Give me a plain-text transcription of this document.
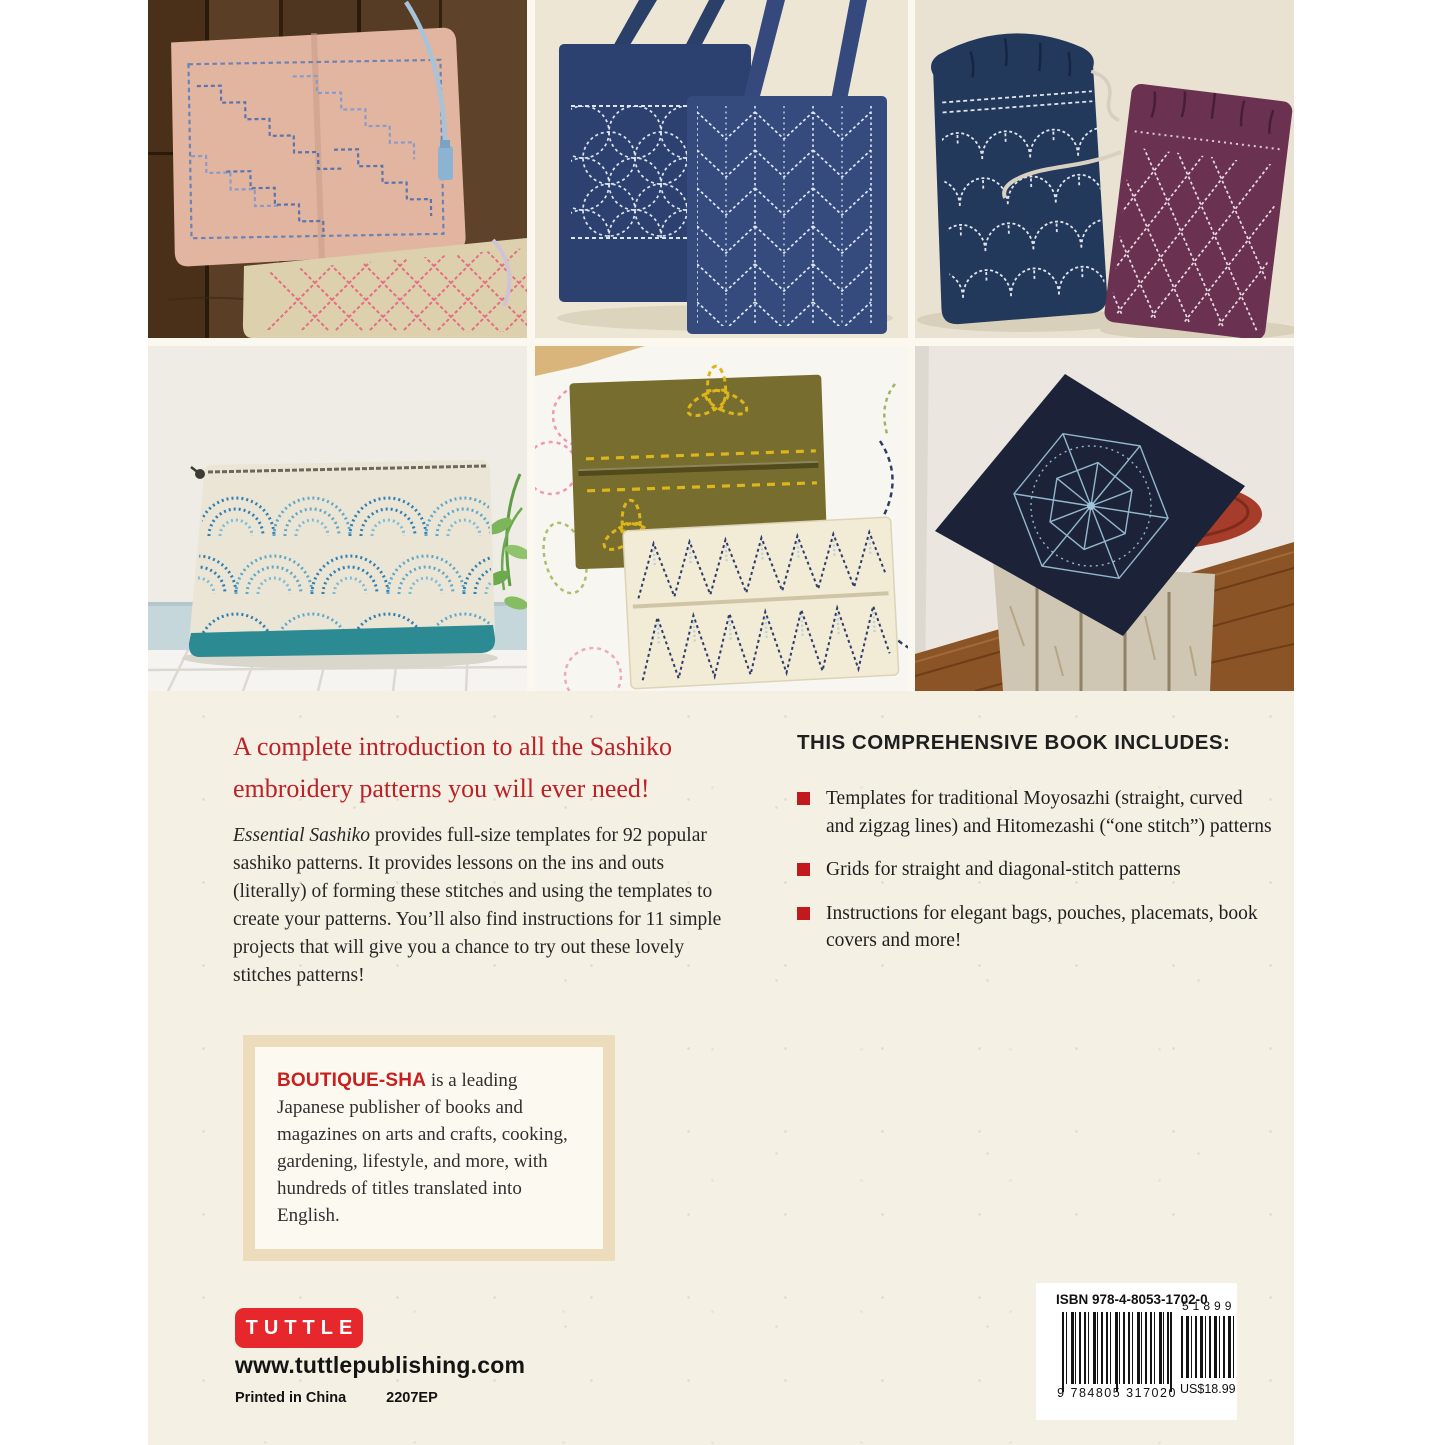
A complete introduction to all the Sashiko
embroidery patterns you will ever need!

Essential Sashiko provides full-size templates for 92 popular sashiko patterns. It provides lessons on the ins and outs (literally) of forming these stitches and using the templates to create your patterns. You’ll also find instructions for 11 simple projects that will give you a chance to try out these lovely stitches patterns!

THIS COMPREHENSIVE BOOK INCLUDES:
Templates for traditional Moyosazhi (straight, curved and zigzag lines) and Hitomezashi (“one stitch”) patterns
Grids for straight and diagonal-stitch patterns
Instructions for elegant bags, pouches, placemats, book covers and more!

BOUTIQUE-SHA is a leading Japanese publisher of books and magazines on arts and crafts, cooking, gardening, lifestyle, and more, with hundreds of titles translated into English.

TUTTLE
www.tuttlepublishing.com
Printed in China	2207EP
ISBN 978-4-8053-1702-0
9 784805 317020
51899
US$18.99
